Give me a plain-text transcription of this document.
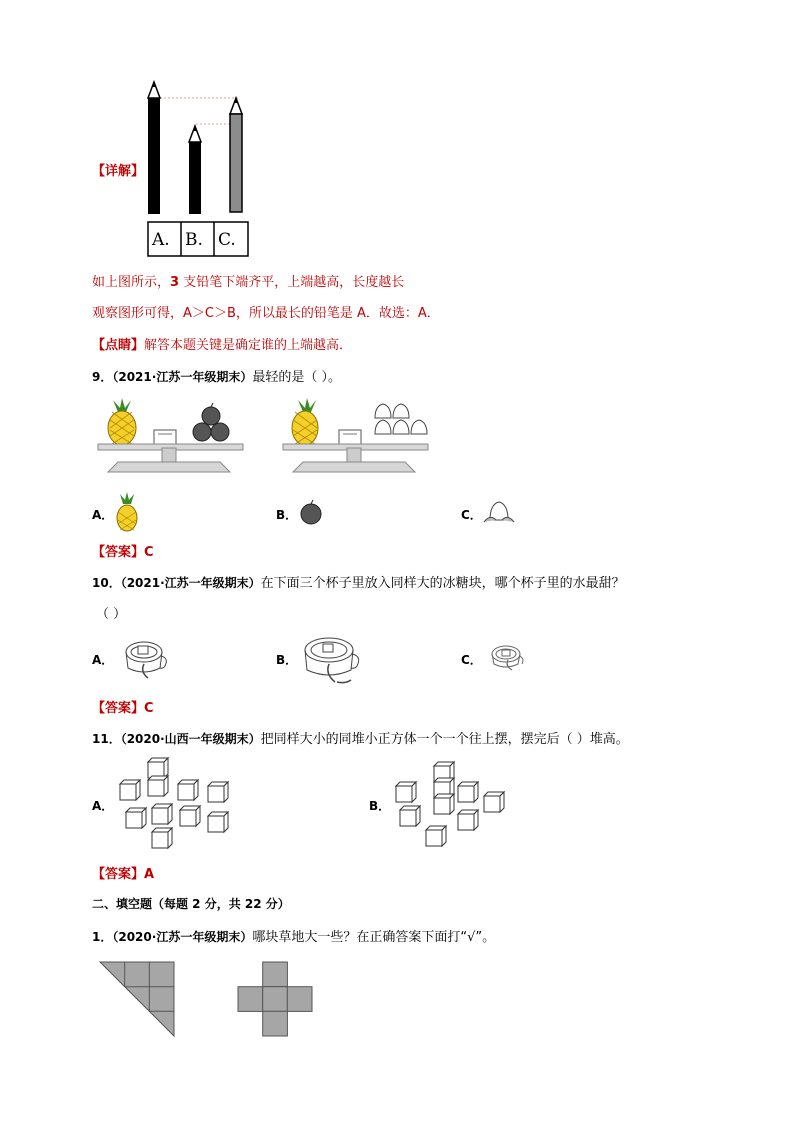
【详解】
A. B. C.
如上图所示，3 支铅笔下端齐平，上端越高，长度越长
观察图形可得，A＞C＞B，所以最长的铅笔是 A．故选：A．
【点睛】解答本题关键是确定谁的上端越高．
9．（2021·江苏一年级期末）最轻的是（ ）。
A．	B．	C．
【答案】C
10．（2021·江苏一年级期末）在下面三个杯子里放入同样大的冰糖块，哪个杯子里的水最甜？
（ ）
A．	B．	C．
【答案】C
11．（2020·山西一年级期末）把同样大小的同堆小正方体一个一个往上摆，摆完后（ ）堆高。
A．	B．
【答案】A
二、填空题（每题 2 分，共 22 分）
1．（2020·江苏一年级期末）哪块草地大一些？在正确答案下面打“√”。
